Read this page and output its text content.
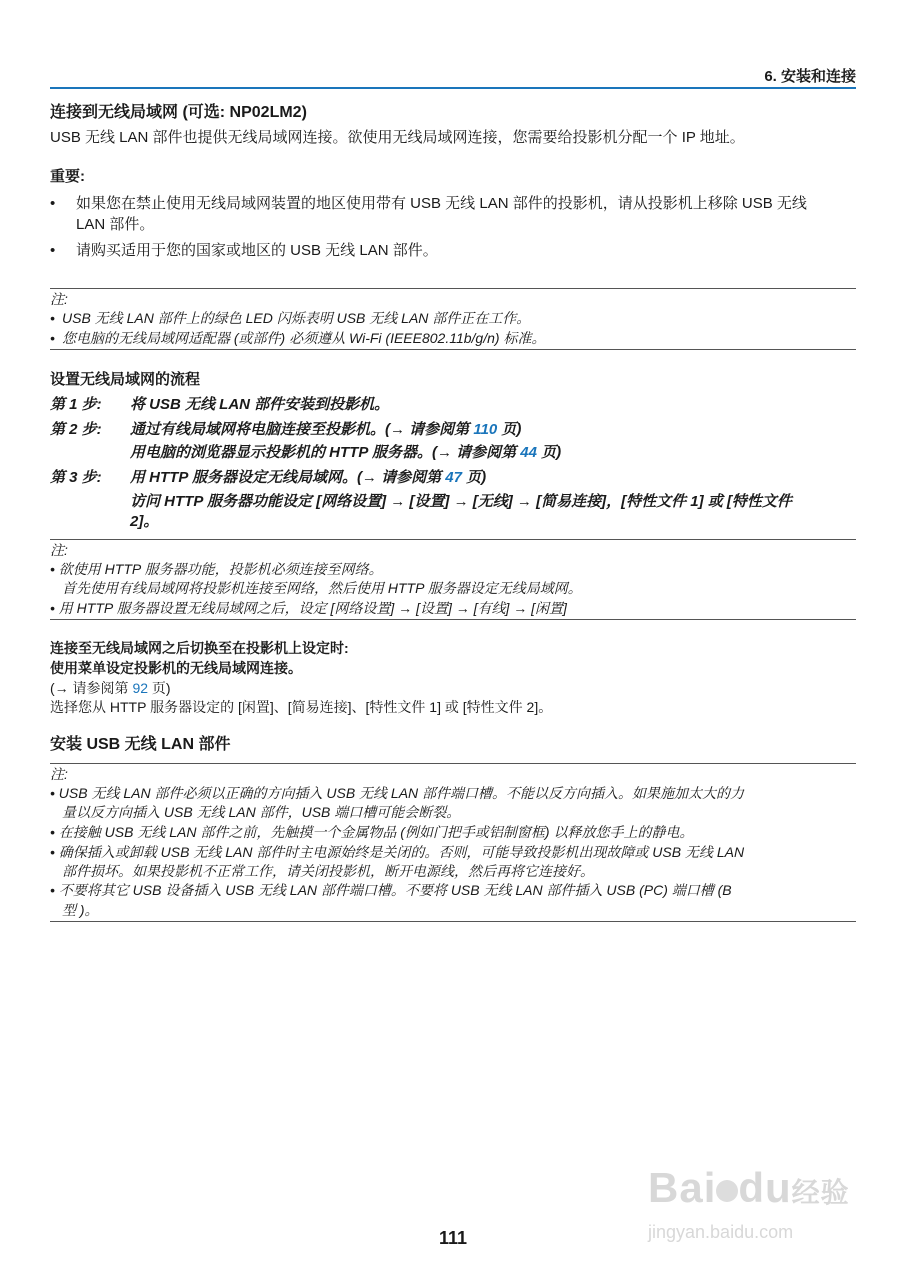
6. 安装和连接
连接到无线局域网 (可选: NP02LM2)
USB 无线 LAN 部件也提供无线局域网连接。欲使用无线局域网连接，您需要给投影机分配一个 IP 地址。
重要:
• 如果您在禁止使用无线局域网装置的地区使用带有 USB 无线 LAN 部件的投影机，请从投影机上移除 USB 无线
LAN 部件。
• 请购买适用于您的国家或地区的 USB 无线 LAN 部件。
注:
• USB 无线 LAN 部件上的绿色 LED 闪烁表明 USB 无线 LAN 部件正在工作。
• 您电脑的无线局域网适配器 (或部件) 必须遵从 Wi-Fi (IEEE802.11b/g/n) 标准。
设置无线局域网的流程
第 1 步: 将 USB 无线 LAN 部件安装到投影机。
第 2 步: 通过有线局域网将电脑连接至投影机。(→ 请参阅第 110 页)
用电脑的浏览器显示投影机的 HTTP 服务器。(→ 请参阅第 44 页)
第 3 步: 用 HTTP 服务器设定无线局域网。(→ 请参阅第 47 页)
访问 HTTP 服务器功能设定 [网络设置] → [设置] → [无线] → [简易连接]，[特性文件 1] 或 [特性文件
2]。
注:
• 欲使用 HTTP 服务器功能，投影机必须连接至网络。
首先使用有线局域网将投影机连接至网络，然后使用 HTTP 服务器设定无线局域网。
• 用 HTTP 服务器设置无线局域网之后，设定 [网络设置] → [设置] → [有线] → [闲置]
连接至无线局域网之后切换至在投影机上设定时:
使用菜单设定投影机的无线局域网连接。
(→ 请参阅第 92 页)
选择您从 HTTP 服务器设定的 [闲置]、[简易连接]、[特性文件 1] 或 [特性文件 2]。
安装 USB 无线 LAN 部件
注:
• USB 无线 LAN 部件必须以正确的方向插入 USB 无线 LAN 部件端口槽。不能以反方向插入。如果施加太大的力
量以反方向插入 USB 无线 LAN 部件，USB 端口槽可能会断裂。
• 在接触 USB 无线 LAN 部件之前，先触摸一个金属物品 (例如门把手或铝制窗框) 以释放您手上的静电。
• 确保插入或卸载 USB 无线 LAN 部件时主电源始终是关闭的。否则，可能导致投影机出现故障或 USB 无线 LAN
部件损坏。如果投影机不正常工作，请关闭投影机，断开电源线，然后再将它连接好。
• 不要将其它 USB 设备插入 USB 无线 LAN 部件端口槽。不要将 USB 无线 LAN 部件插入 USB (PC) 端口槽 (B
型 )。
Bai du经验
jingyan.baidu.com
111
